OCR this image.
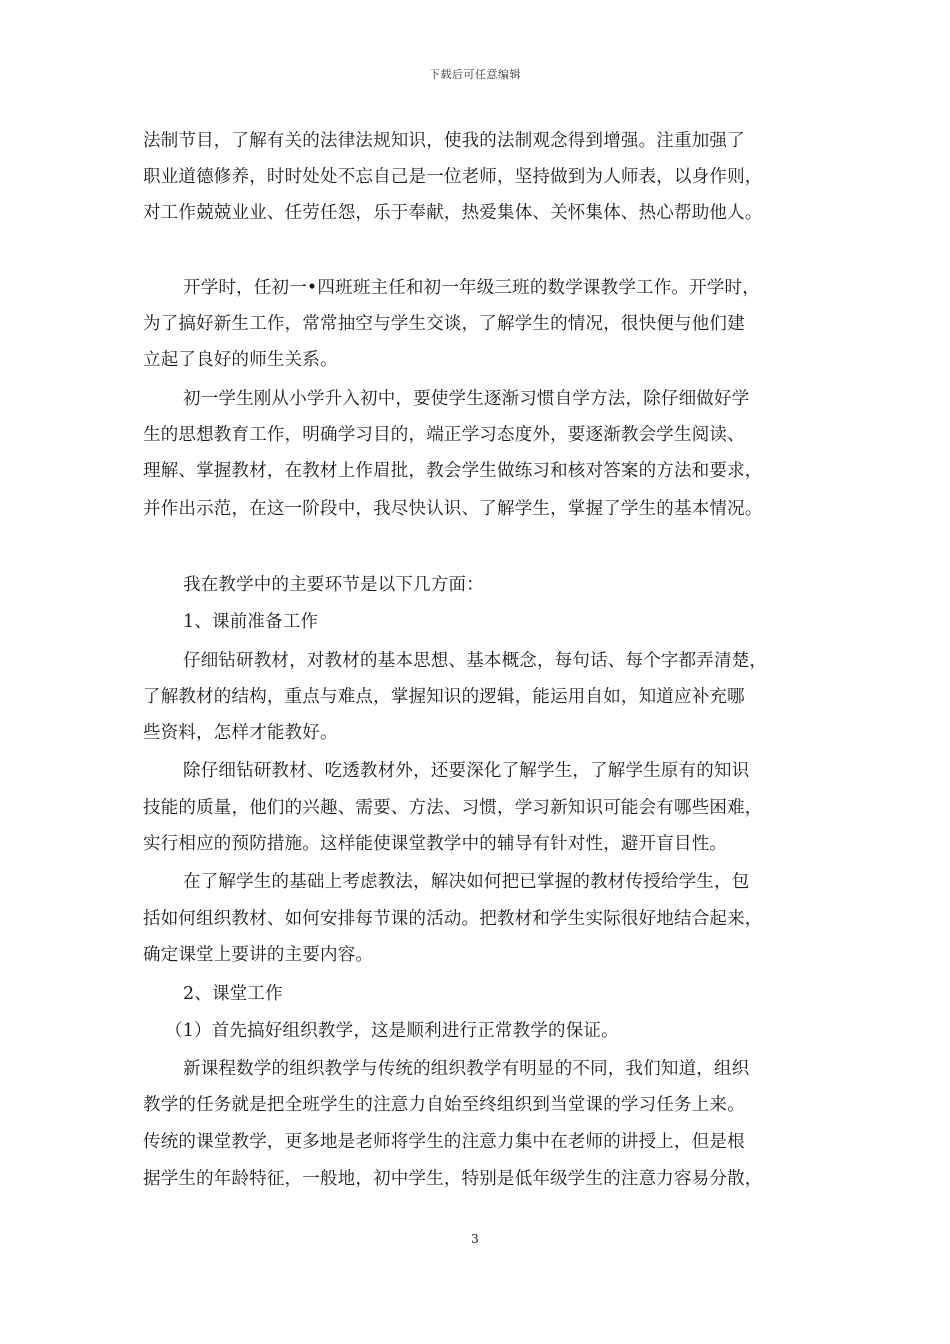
下载后可任意编辑
法制节目，了解有关的法律法规知识，使我的法制观念得到增强。注重加强了
职业道德修养，时时处处不忘自己是一位老师，坚持做到为人师表，以身作则，
对工作兢兢业业、任劳任怨，乐于奉献，热爱集体、关怀集体、热心帮助他人。
开学时，任初一•四班班主任和初一年级三班的数学课教学工作。开学时，
为了搞好新生工作，常常抽空与学生交谈，了解学生的情况，很快便与他们建
立起了良好的师生关系。
初一学生刚从小学升入初中，要使学生逐渐习惯自学方法，除仔细做好学
生的思想教育工作，明确学习目的，端正学习态度外，要逐渐教会学生阅读、
理解、掌握教材，在教材上作眉批，教会学生做练习和核对答案的方法和要求，
并作出示范，在这一阶段中，我尽快认识、了解学生，掌握了学生的基本情况。
我在教学中的主要环节是以下几方面：
1、课前准备工作
仔细钻研教材，对教材的基本思想、基本概念，每句话、每个字都弄清楚，
了解教材的结构，重点与难点，掌握知识的逻辑，能运用自如，知道应补充哪
些资料，怎样才能教好。
除仔细钻研教材、吃透教材外，还要深化了解学生，了解学生原有的知识
技能的质量，他们的兴趣、需要、方法、习惯，学习新知识可能会有哪些困难，
实行相应的预防措施。这样能使课堂教学中的辅导有针对性，避开盲目性。
在了解学生的基础上考虑教法，解决如何把已掌握的教材传授给学生，包
括如何组织教材、如何安排每节课的活动。把教材和学生实际很好地结合起来，
确定课堂上要讲的主要内容。
2、课堂工作
（1）首先搞好组织教学，这是顺利进行正常教学的保证。
新课程数学的组织教学与传统的组织教学有明显的不同，我们知道，组织
教学的任务就是把全班学生的注意力自始至终组织到当堂课的学习任务上来。
传统的课堂教学，更多地是老师将学生的注意力集中在老师的讲授上，但是根
据学生的年龄特征，一般地，初中学生，特别是低年级学生的注意力容易分散，
3
